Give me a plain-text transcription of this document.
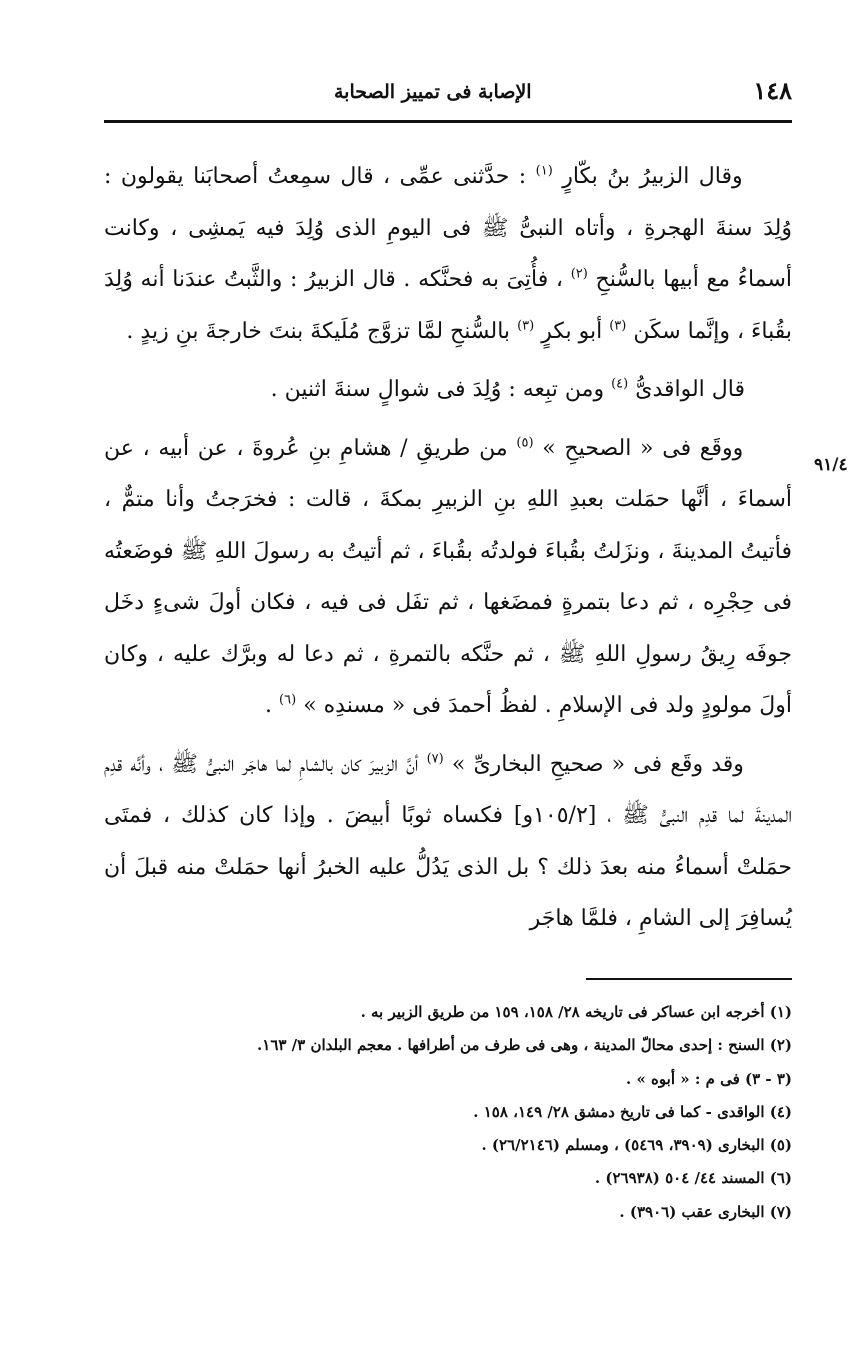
١٤٨
الإصابة فى تمييز الصحابة
٩١/٤

وقال الزبيرُ بنُ بكّارٍ $^{(١)}$ : حدَّثنى عمِّى ، قال سمِعتُ أصحابَنا يقولون : وُلِدَ سنةَ الهجرةِ ، وأتاه النبىُّ ﷺ فى اليومِ الذى وُلِدَ فيه يَمشِى ، وكانت أسماءُ مع أبيها بالسُّنحِ $^{(٢)}$ ، فأُتِىَ به فحنَّكه . قال الزبيرُ : والثَّبتُ عندَنا أنه وُلِدَ بقُباءَ ، وإنَّما سكَن $^{(٣)}$ أبو بكرٍ $^{(٣)}$ بالسُّنحِ لمَّا تزوَّج مُلَيكةَ بنتَ خارجةَ بنِ زيدٍ .

قال الواقدىُّ $^{(٤)}$ ومن تبِعه : وُلِدَ فى شوالٍ سنةَ اثنين .

ووقَع فى « الصحيحِ » $^{(٥)}$ من طريقِ / هشامِ بنِ عُروةَ ، عن أبيه ، عن أسماءَ ، أنَّها حمَلت بعبدِ اللهِ بنِ الزبيرِ بمكةَ ، قالت : فخرَجتُ وأنا متمٌّ ، فأتيتُ المدينةَ ، ونزَلتُ بقُباءَ فولدتُه بقُباءَ ، ثم أتيتُ به رسولَ اللهِ ﷺ فوضَعتُه فى حِجْرِه ، ثم دعا بتمرةٍ فمضَغها ، ثم تفَل فى فيه ، فكان أولَ شىءٍ دخَل جوفَه رِيقُ رسولِ اللهِ ﷺ ، ثم حنَّكه بالتمرةِ ، ثم دعا له وبرَّك عليه ، وكان أولَ مولودٍ ولد فى الإسلامِ . لفظُ أحمدَ فى « مسندِه » $^{(٦)}$ .

وقد وقَع فى « صحيحِ البخارىِّ » $^{(٧)}$ أنَّ الزبيرَ كان بالشامِ لما هاجَر النبىُّ ﷺ ، وأنَّه قدِم المدينةَ لما قدِم النبىُّ ﷺ ، [١٠٥/٢و] فكساه ثوبًا أبيضَ . وإذا كان كذلك ، فمتَى حمَلتْ أسماءُ منه بعدَ ذلك ؟ بل الذى يَدُلُّ عليه الخبرُ أنها حمَلتْ منه قبلَ أن يُسافِرَ إلى الشامِ ، فلمَّا هاجَر

(١) أخرجه ابن عساكر فى تاريخه ٢٨/ ١٥٨، ١٥٩ من طريق الزبير به .

(٢) السنح : إحدى محالّ المدينة ، وهى فى طرف من أطرافها . معجم البلدان ٣/ ١٦٣.

(٣ - ٣) فى م : « أبوه » .

(٤) الواقدى - كما فى تاريخ دمشق ٢٨/ ١٤٩، ١٥٨ .

(٥) البخارى (٣٩٠٩، ٥٤٦٩) ، ومسلم (٢٦/٢١٤٦) .

(٦) المسند ٤٤/ ٥٠٤ (٢٦٩٣٨) .

(٧) البخارى عقب (٣٩٠٦) .
